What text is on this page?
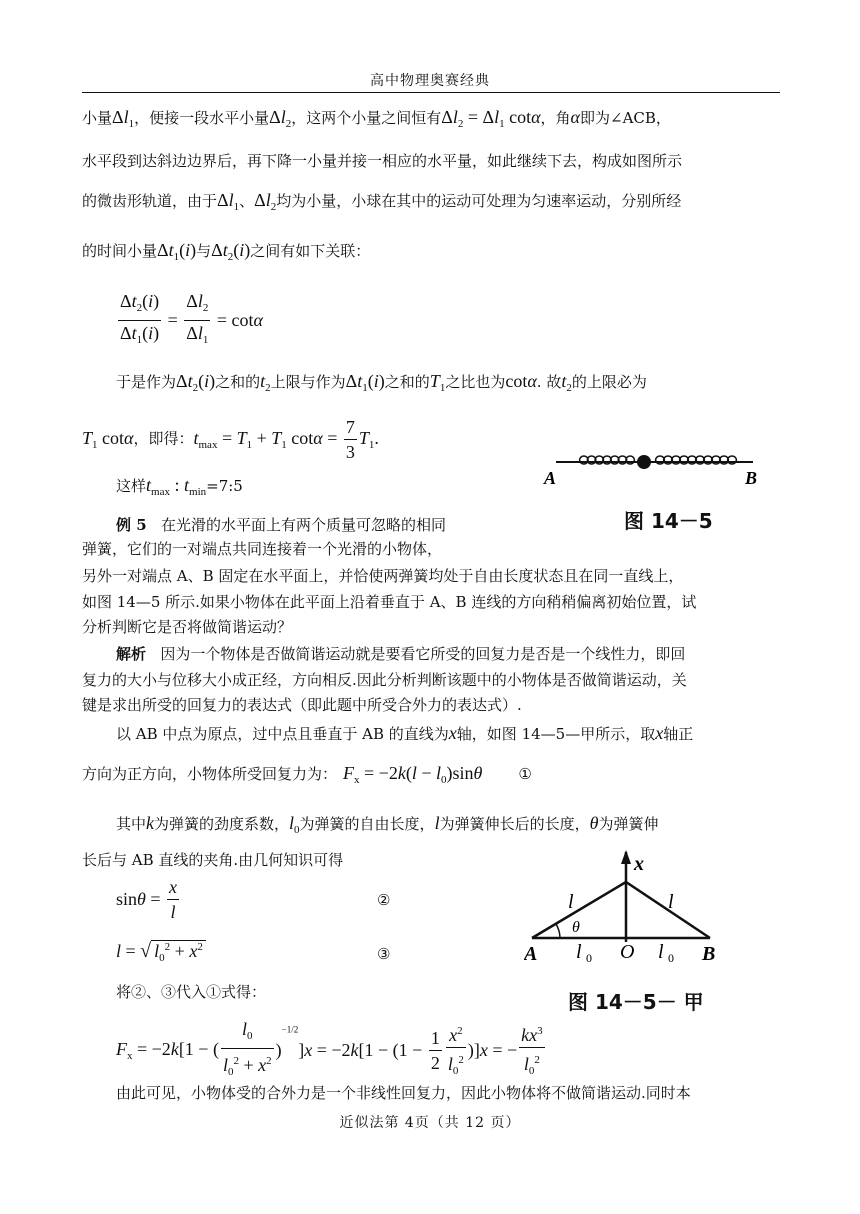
高中物理奥赛经典
小量$\Delta l_1$，便接一段水平小量$\Delta l_2$，这两个小量之间恒有$\Delta l_2 = \Delta l_1$ cotα，角α即为∠ACB，
水平段到达斜边边界后，再下降一小量并接一相应的水平量，如此继续下去，构成如图所示
的微齿形轨道，由于$\Delta l_1$、$\Delta l_2$均为小量，小球在其中的运动可处理为匀速率运动，分别所经
的时间小量$\Delta t_1(i)$与$\Delta t_2(i)$之间有如下关联：
$\frac{\Delta t_2(i)}{\Delta t_1(i)} = \frac{\Delta l_2}{\Delta l_1} = \cot\alpha$
于是作为$\Delta t_2(i)$之和的$t_2$上限与作为$\Delta t_1(i)$之和的$T_1$之比也为cotα. 故$t_2$的上限必为
$T_1$ cotα，即得：$t_{max} = T_1 + T_1$ $\cot\alpha = \frac{7}{3} T_1$.
这样$t_{max}$ : $t_{min}=7:5$	A	B
图 14－5
例 5 在光滑的水平面上有两个质量可忽略的相同
弹簧，它们的一对端点共同连接着一个光滑的小物体，
另外一对端点 A、B 固定在水平面上，并恰使两弹簧均处于自由长度状态且在同一直线上，
如图 14—5 所示.如果小物体在此平面上沿着垂直于 A、B 连线的方向稍稍偏离初始位置，试
分析判断它是否将做简谐运动？
解析 因为一个物体是否做简谐运动就是要看它所受的回复力是否是一个线性力，即回
复力的大小与位移大小成正经，方向相反.因此分析判断该题中的小物体是否做简谐运动，关
键是求出所受的回复力的表达式（即此题中所受合外力的表达式）.
以 AB 中点为原点，过中点且垂直于 AB 的直线为x轴，如图 14—5—甲所示，取x轴正
方向为正方向，小物体所受回复力为： $F_x = -2k(l - l_0)\sin\theta$ ①
其中k为弹簧的劲度系数，$l_0$为弹簧的自由长度，l为弹簧伸长后的长度，θ为弹簧伸
长后与 AB 直线的夹角.由几何知识可得
$\sin\theta = \frac{x}{l}$	②
l = √ $l_0^2 + x^2$	③
将②、③代入①式得：
$F_x = -2k[1$ − ( $\frac{l_0}{l_0^2 + x^2} )^{-1/2}]x = -2k[1 - (1 - \frac{1}{2} \frac{x^2}{l_0^2} )]x$ = − $\frac{kx^3}{l_0^2}$
由此可见，小物体受的合外力是一个非线性回复力，因此小物体将不做简谐运动.同时本
x
l	l
θ
A l 0 O l 0 B
图 14－5－ 甲
近似法第 4页（共 12 页）
